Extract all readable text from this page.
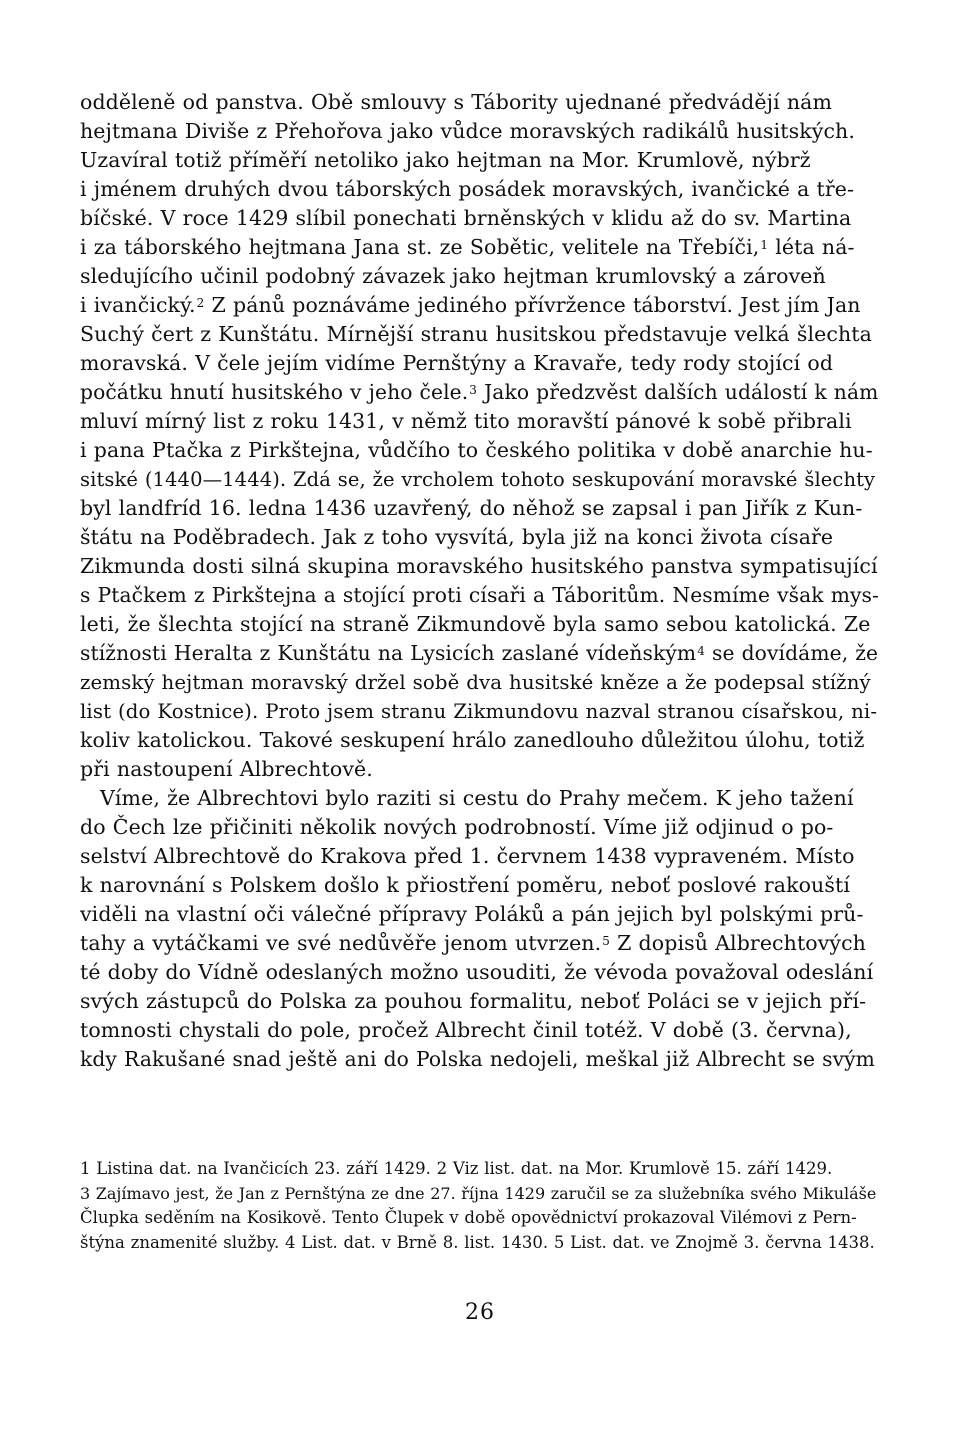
odděleně od panstva. Obě smlouvy s Tábority ujednané předvádějí nám
hejtmana Diviše z Přehořova jako vůdce moravských radikálů husitských.
Uzavíral totiž příměří netoliko jako hejtman na Mor. Krumlově, nýbrž
i jménem druhých dvou táborských posádek moravských, ivančické a tře-
bíčské. V roce 1429 slíbil ponechati brněnských v klidu až do sv. Martina
i za táborského hejtmana Jana st. ze Sobětic, velitele na Třebíči,$^1$ léta ná-
sledujícího učinil podobný závazek jako hejtman krumlovský a zároveň
i ivančický.$^2$ Z pánů poznáváme jediného přívržence táborství. Jest jím Jan
Suchý čert z Kunštátu. Mírnější stranu husitskou představuje velká šlechta
moravská. V čele jejím vidíme Pernštýny a Kravaře, tedy rody stojící od
počátku hnutí husitského v jeho čele.$^3$ Jako předzvěst dalších událostí k nám
mluví mírný list z roku 1431, v němž tito moravští pánové k sobě přibrali
i pana Ptačka z Pirkštejna, vůdčího to českého politika v době anarchie hu-
sitské (1440—1444). Zdá se, že vrcholem tohoto seskupování moravské šlechty
byl landfríd 16. ledna 1436 uzavřený, do něhož se zapsal i pan Jiřík z Kun-
štátu na Poděbradech. Jak z toho vysvítá, byla již na konci života císaře
Zikmunda dosti silná skupina moravského husitského panstva sympatisující
s Ptačkem z Pirkštejna a stojící proti císaři a Táboritům. Nesmíme však mys-
leti, že šlechta stojící na straně Zikmundově byla samo sebou katolická. Ze
stížnosti Heralta z Kunštátu na Lysicích zaslané vídeňským$^4$ se dovídáme, že
zemský hejtman moravský držel sobě dva husitské kněze a že podepsal stížný
list (do Kostnice). Proto jsem stranu Zikmundovu nazval stranou císařskou, ni-
koliv katolickou. Takové seskupení hrálo zanedlouho důležitou úlohu, totiž
při nastoupení Albrechtově.
Víme, že Albrechtovi bylo raziti si cestu do Prahy mečem. K jeho tažení
do Čech lze přičiniti několik nových podrobností. Víme již odjinud o po-
selství Albrechtově do Krakova před 1. červnem 1438 vypraveném. Místo
k narovnání s Polskem došlo k přiostření poměru, neboť poslové rakouští
viděli na vlastní oči válečné přípravy Poláků a pán jejich byl polskými prů-
tahy a vytáčkami ve své nedůvěře jenom utvrzen.$^5$ Z dopisů Albrechtových
té doby do Vídně odeslaných možno usouditi, že vévoda považoval odeslání
svých zástupců do Polska za pouhou formalitu, neboť Poláci se v jejich pří-
tomnosti chystali do pole, pročež Albrecht činil totéž. V době (3. června),
kdy Rakušané snad ještě ani do Polska nedojeli, meškal již Albrecht se svým
1 Listina dat. na Ivančicích 23. září 1429. 2 Viz list. dat. na Mor. Krumlově 15. září 1429.
3 Zajímavo jest, že Jan z Pernštýna ze dne 27. října 1429 zaručil se za služebníka svého Mikuláše
Člupka seděním na Kosikově. Tento Člupek v době opovědnictví prokazoval Vilémovi z Pern-
štýna znamenité služby. 4 List. dat. v Brně 8. list. 1430. 5 List. dat. ve Znojmě 3. června 1438.
26
